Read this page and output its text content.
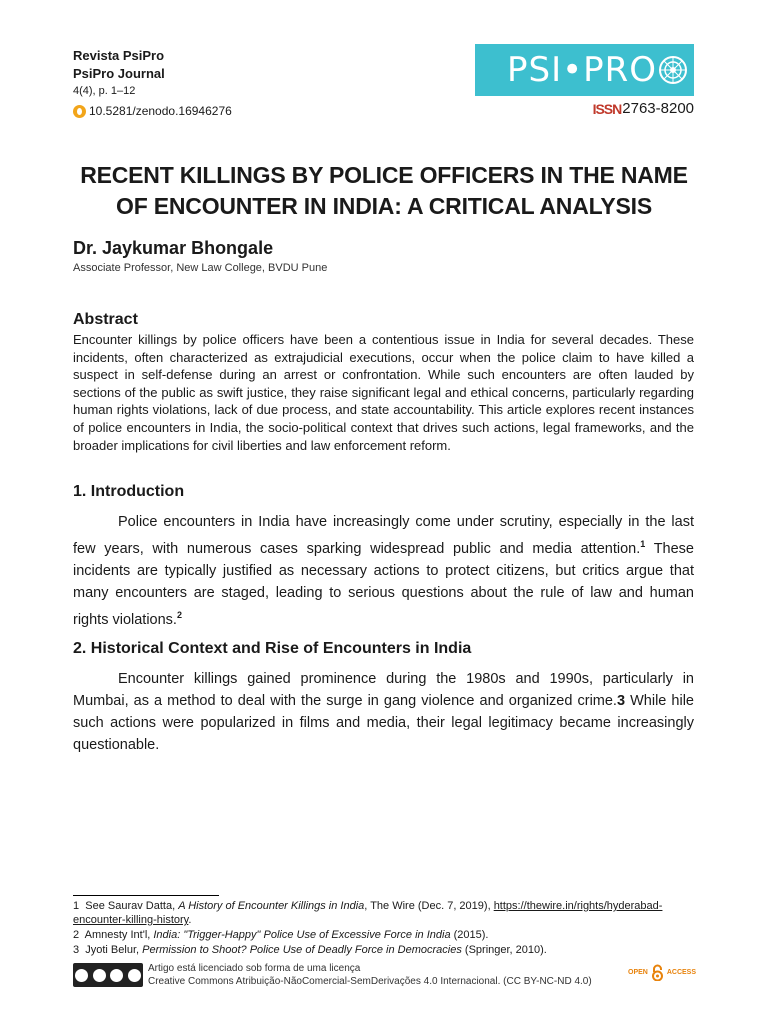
Revista PsiPro
PsiPro Journal
4(4), p. 1–12
10.5281/zenodo.16946276
PSI•PRO
ISSN 2763-8200
RECENT KILLINGS BY POLICE OFFICERS IN THE NAME OF ENCOUNTER IN INDIA: A CRITICAL ANALYSIS
Dr. Jaykumar Bhongale
Associate Professor, New Law College, BVDU Pune
Abstract
Encounter killings by police officers have been a contentious issue in India for several decades. These incidents, often characterized as extrajudicial executions, occur when the police claim to have killed a suspect in self-defense during an arrest or confrontation. While such encounters are often lauded by sections of the public as swift justice, they raise significant legal and ethical concerns, particularly regarding human rights violations, lack of due process, and state accountability. This article explores recent instances of police encounters in India, the socio-political context that drives such actions, legal frameworks, and the broader implications for civil liberties and law enforcement reform.
1. Introduction
Police encounters in India have increasingly come under scrutiny, especially in the last few years, with numerous cases sparking widespread public and media attention.$^1$ These incidents are typically justified as necessary actions to protect citizens, but critics argue that many encounters are staged, leading to serious questions about the rule of law and human rights violations.$^2$
2. Historical Context and Rise of Encounters in India
Encounter killings gained prominence during the 1980s and 1990s, particularly in Mumbai, as a method to deal with the surge in gang violence and organized crime.3 While hile such actions were popularized in films and media, their legal legitimacy became increasingly questionable.
1 See Saurav Datta, A History of Encounter Killings in India, The Wire (Dec. 7, 2019), https://thewire.in/rights/hyderabad-encounter-killing-history.
2 Amnesty Int'l, India: "Trigger-Happy" Police Use of Excessive Force in India (2015).
3 Jyoti Belur, Permission to Shoot? Police Use of Deadly Force in Democracies (Springer, 2010).
Artigo está licenciado sob forma de uma licença
Creative Commons Atribuição-NãoComercial-SemDerivações 4.0 Internacional. (CC BY-NC-ND 4.0)
OPEN	ACCESS
